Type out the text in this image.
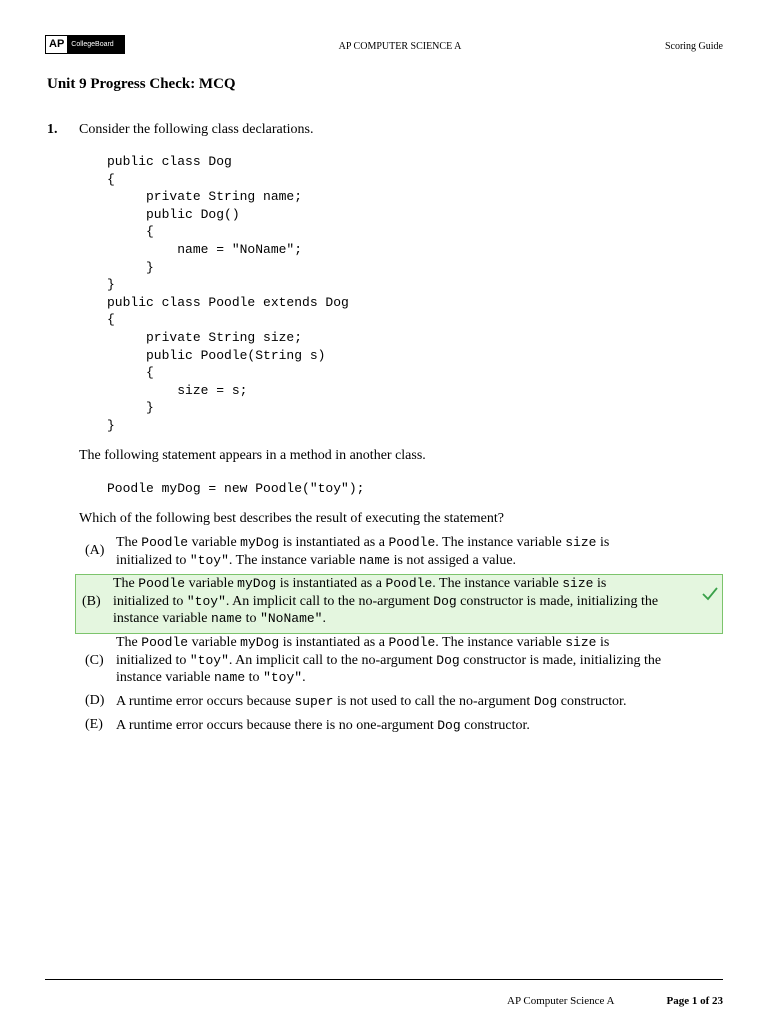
AP	CollegeBoard	AP COMPUTER SCIENCE A	Scoring Guide
Unit 9 Progress Check: MCQ
1. Consider the following class declarations.
public class Dog
{
private String name;
public Dog()
{
name = "NoName";
}
}
public class Poodle extends Dog
{
private String size;
public Poodle(String s)
{
size = s;
}
}
The following statement appears in a method in another class.
Poodle myDog = new Poodle("toy");
Which of the following best describes the result of executing the statement?
(A)
The Poodle variable myDog is instantiated as a Poodle. The instance variable size is
initialized to "toy". The instance variable name is not assiged a value.
(B)
The Poodle variable myDog is instantiated as a Poodle. The instance variable size is
initialized to "toy". An implicit call to the no-argument Dog constructor is made, initializing the
instance variable name to "NoName".
(C)
The Poodle variable myDog is instantiated as a Poodle. The instance variable size is
initialized to "toy". An implicit call to the no-argument Dog constructor is made, initializing the
instance variable name to "toy".
(D) A runtime error occurs because super is not used to call the no-argument Dog constructor.
(E) A runtime error occurs because there is no one-argument Dog constructor.
AP Computer Science A	Page 1 of 23
